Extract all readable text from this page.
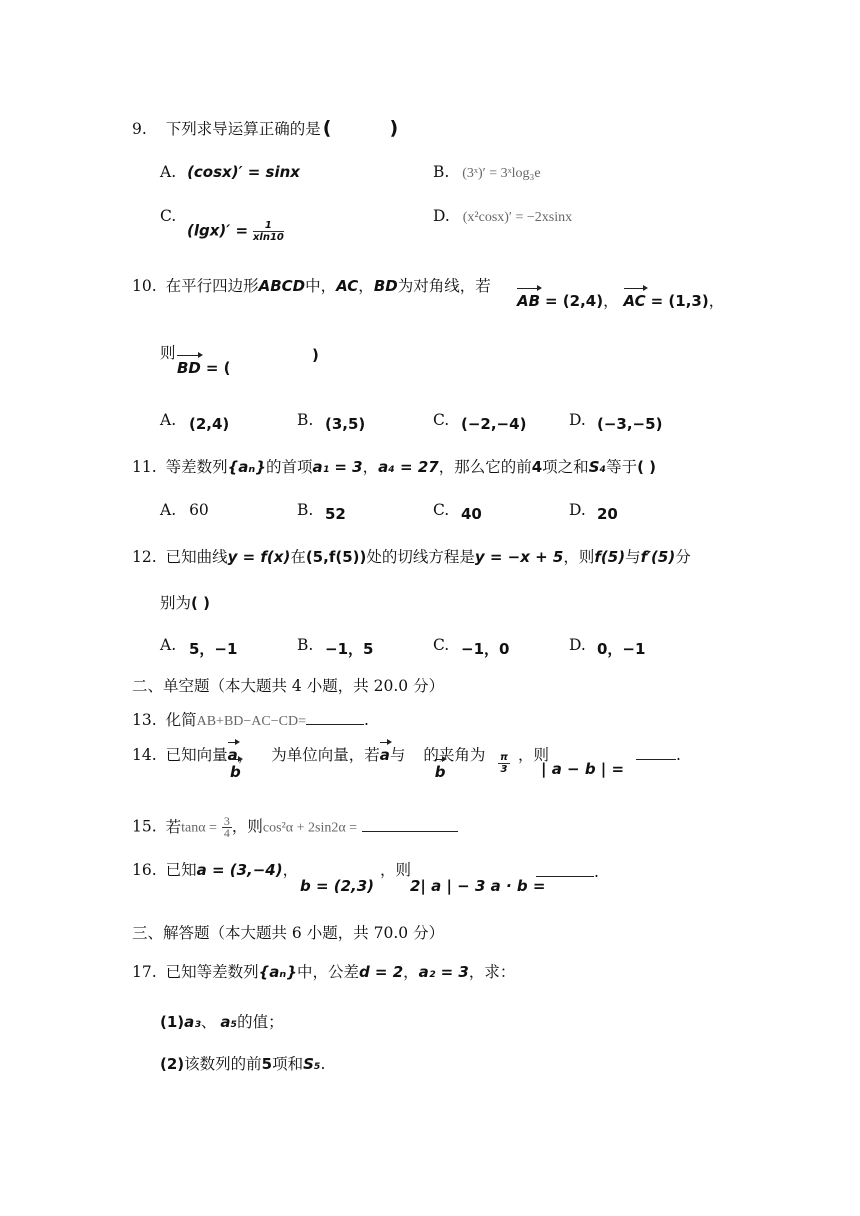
9. 下列求导运算正确的是 (	)
A. (cosx)′ = sinx	B. (3ˣ)′ = 3ˣlog₃e
C.
$(\lg x)' = \frac{1}{xln10}$
D. (x²cosx)′ = −2xsinx
10. 在平行四边形ABCD中，AC，BD为对角线，若
AB = (2,4)， AC = (1,3)，
则
BD = (
)
A. (2,4)	B. (3,5)	C. (−2,−4)	D. (−3,−5)
11. 等差数列{aₙ}的首项a₁ = 3，a₄ = 27，那么它的前4项之和S₄等于( )
A. 60	B. 52	C. 40	D. 20
12. 已知曲线y = f(x)在(5,f(5))处的切线方程是y = −x + 5，则f(5)与f′(5)分
别为( )
A. 5，−1	B. −1，5	C. −1，0	D. 0，−1
二、单空题（本大题共 4 小题，共 20.0 分）
13. 化简AB+BD−AC−CD=	.
14. 已知向量a， 为单位向量，若a与 的夹角为
b	b	$\frac{\pi}{3}$ ，则
| a − b | =
.
15. 若$\tan\alpha = \frac{3}{4}$ ，则cos²α + 2sin2α =
16. 已知a = (3,−4)，
b = (2,3)
，则
2| a | − 3 a · b =
.
三、解答题（本大题共 6 小题，共 70.0 分）
17. 已知等差数列{aₙ}中，公差d = 2，a₂ = 3，求：
(1)a₃、 a₅的值；
(2)该数列的前5项和S₅.
